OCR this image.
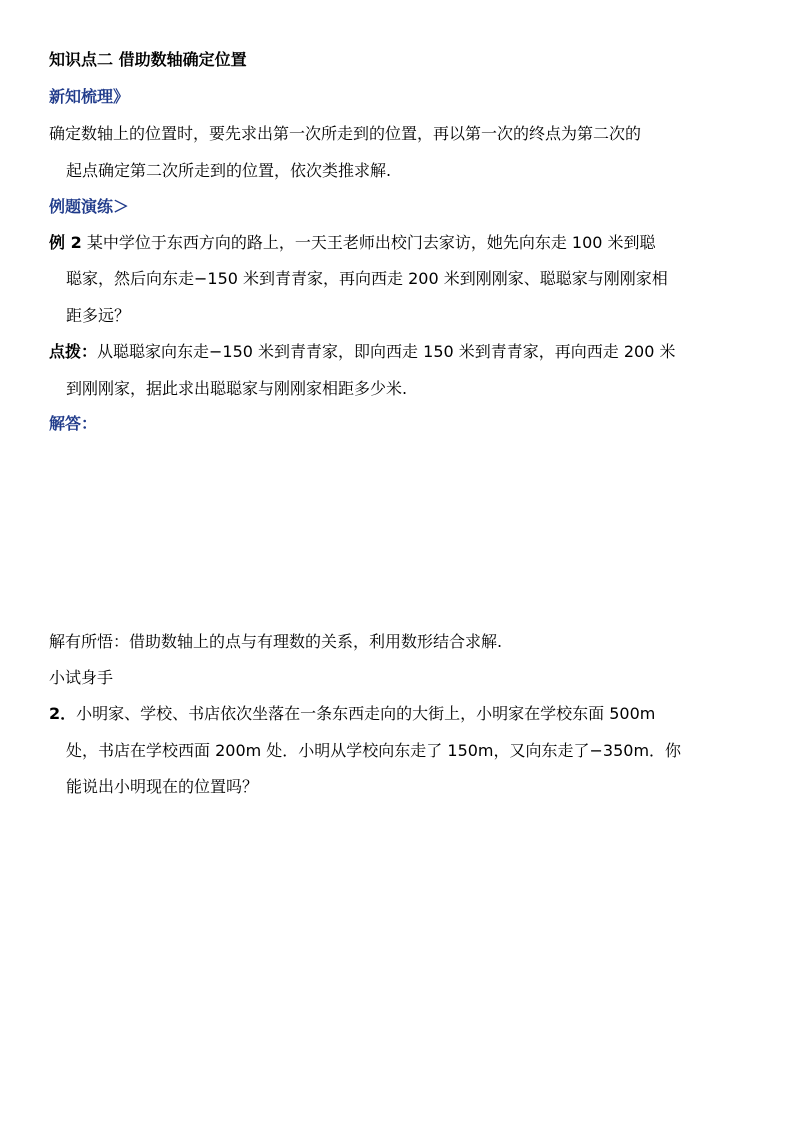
知识点二 借助数轴确定位置
新知梳理》
确定数轴上的位置时，要先求出第一次所走到的位置，再以第一次的终点为第二次的
起点确定第二次所走到的位置，依次类推求解.
例题演练＞
例 2 某中学位于东西方向的路上，一天王老师出校门去家访，她先向东走 100 米到聪
聪家，然后向东走−150 米到青青家，再向西走 200 米到刚刚家、聪聪家与刚刚家相
距多远？
点拨：从聪聪家向东走−150 米到青青家，即向西走 150 米到青青家，再向西走 200 米
到刚刚家，据此求出聪聪家与刚刚家相距多少米.
解答：
解有所悟：借助数轴上的点与有理数的关系，利用数形结合求解.
小试身手
2．小明家、学校、书店依次坐落在一条东西走向的大街上，小明家在学校东面 500m
处，书店在学校西面 200m 处．小明从学校向东走了 150m，又向东走了−350m．你
能说出小明现在的位置吗？
